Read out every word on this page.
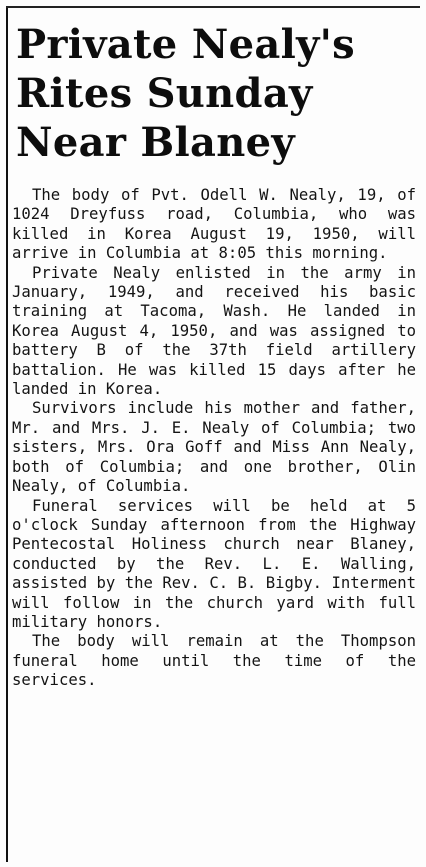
Private Nealy's
Rites Sunday
Near Blaney

The body of Pvt. Odell W. Nealy, 19, of 1024 Dreyfuss road, Columbia, who was killed in Korea August 19, 1950, will arrive in Columbia at 8:05 this morning.

Private Nealy enlisted in the army in January, 1949, and received his basic training at Tacoma, Wash. He landed in Korea August 4, 1950, and was assigned to battery B of the 37th field artillery battalion. He was killed 15 days after he landed in Korea.

Survivors include his mother and father, Mr. and Mrs. J. E. Nealy of Columbia; two sisters, Mrs. Ora Goff and Miss Ann Nealy, both of Columbia; and one brother, Olin Nealy, of Columbia.

Funeral services will be held at 5 o'clock Sunday afternoon from the Highway Pentecostal Holiness church near Blaney, conducted by the Rev. L. E. Walling, assisted by the Rev. C. B. Bigby. Interment will follow in the church yard with full military honors.

The body will remain at the Thompson funeral home until the time of the services.
